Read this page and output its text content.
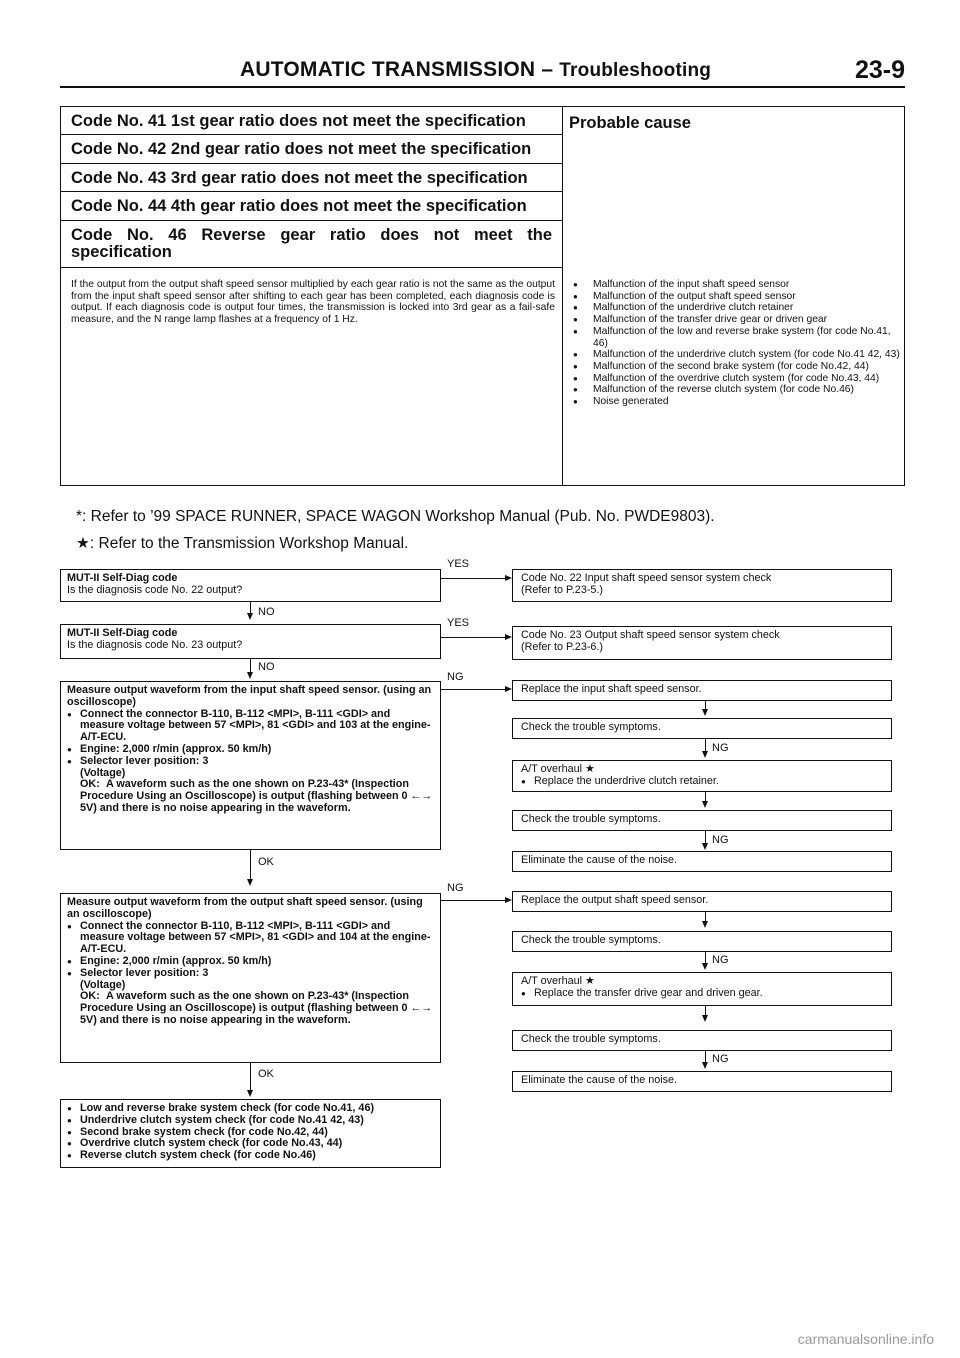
AUTOMATIC TRANSMISSION – Troubleshooting	23-9
Code No. 41 1st gear ratio does not meet the specification
Code No. 42 2nd gear ratio does not meet the specification
Code No. 43 3rd gear ratio does not meet the specification
Code No. 44 4th gear ratio does not meet the specification
Code No. 46 Reverse gear ratio does not meet the specification
Probable cause
If the output from the output shaft speed sensor multiplied by each gear ratio is not the same as the output from the input shaft speed sensor after shifting to each gear has been completed, each diagnosis code is output. If each diagnosis code is output four times, the transmission is locked into 3rd gear as a fail-safe measure, and the N range lamp flashes at a frequency of 1 Hz.
● Malfunction of the input shaft speed sensor
● Malfunction of the output shaft speed sensor
● Malfunction of the underdrive clutch retainer
● Malfunction of the transfer drive gear or driven gear
● Malfunction of the low and reverse brake system (for code No.41, 46)
● Malfunction of the underdrive clutch system (for code No.41 42, 43)
● Malfunction of the second brake system (for code No.42, 44)
● Malfunction of the overdrive clutch system (for code No.43, 44)
● Malfunction of the reverse clutch system (for code No.46)
● Noise generated
*: Refer to ’99 SPACE RUNNER, SPACE WAGON Workshop Manual (Pub. No. PWDE9803).
★: Refer to the Transmission Workshop Manual.
MUT-II Self-Diag code
Is the diagnosis code No. 22 output?
YES
Code No. 22 Input shaft speed sensor system check
(Refer to P.23-5.)
NO
MUT-II Self-Diag code
Is the diagnosis code No. 23 output?
YES
Code No. 23 Output shaft speed sensor system check
(Refer to P.23-6.)
NO
Measure output waveform from the input shaft speed sensor. (using an oscilloscope)
● Connect the connector B-110, B-112 <MPI>, B-111 <GDI> and measure voltage between 57 <MPI>, 81 <GDI> and 103 at the engine-A/T-ECU.
● Engine: 2,000 r/min (approx. 50 km/h)
● Selector lever position: 3
(Voltage)
OK: A waveform such as the one shown on P.23-43* (Inspection Procedure Using an Oscilloscope) is output (flashing between 0 ←→ 5V) and there is no noise appearing in the waveform.
NG
Replace the input shaft speed sensor.
Check the trouble symptoms.
NG
A/T overhaul ★
● Replace the underdrive clutch retainer.
Check the trouble symptoms.
NG
Eliminate the cause of the noise.
OK
Measure output waveform from the output shaft speed sensor. (using an oscilloscope)
● Connect the connector B-110, B-112 <MPI>, B-111 <GDI> and measure voltage between 57 <MPI>, 81 <GDI> and 104 at the engine-A/T-ECU.
● Engine: 2,000 r/min (approx. 50 km/h)
● Selector lever position: 3
(Voltage)
OK: A waveform such as the one shown on P.23-43* (Inspection Procedure Using an Oscilloscope) is output (flashing between 0 ←→ 5V) and there is no noise appearing in the waveform.
NG
Replace the output shaft speed sensor.
Check the trouble symptoms.
NG
A/T overhaul ★
● Replace the transfer drive gear and driven gear.
Check the trouble symptoms.
NG
Eliminate the cause of the noise.
OK
● Low and reverse brake system check (for code No.41, 46)
● Underdrive clutch system check (for code No.41 42, 43)
● Second brake system check (for code No.42, 44)
● Overdrive clutch system check (for code No.43, 44)
● Reverse clutch system check (for code No.46)
carmanualsonline.info
